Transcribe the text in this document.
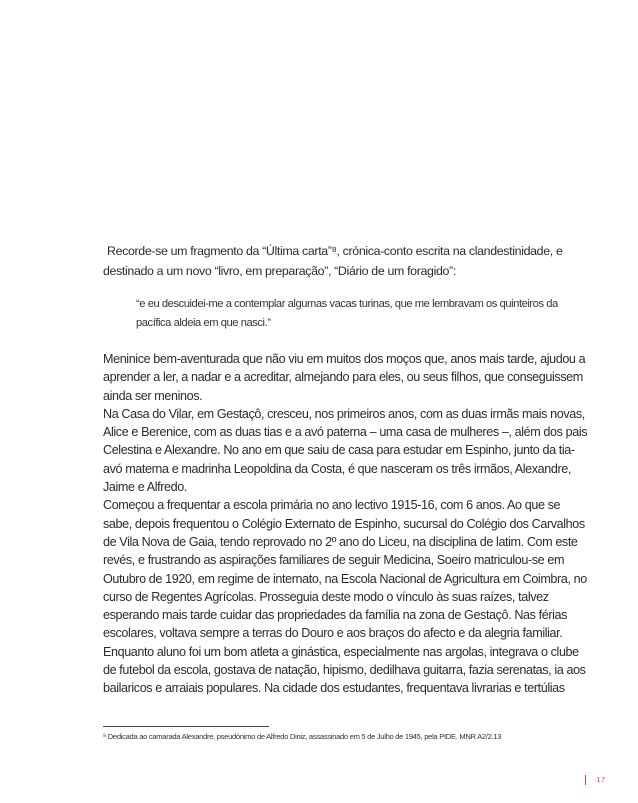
Recorde-se um fragmento da “Última carta”⁸, crónica-conto escrita na clandestinidade, e

destinado a um novo “livro, em preparação”, “Diário de um foragido”:

“e eu descuidei-me a contemplar algumas vacas turinas, que me lembravam os quinteiros da pacífica aldeia em que nasci.”

Meninice bem-aventurada que não viu em muitos dos moços que, anos mais tarde, ajudou a aprender a ler, a nadar e a acreditar, almejando para eles, ou seus filhos, que conseguissem ainda ser meninos.

Na Casa do Vilar, em Gestaçô, cresceu, nos primeiros anos, com as duas irmãs mais novas, Alice e Berenice, com as duas tias e a avó paterna – uma casa de mulheres –, além dos pais Celestina e Alexandre. No ano em que saiu de casa para estudar em Espinho, junto da tia-avó materna e madrinha Leopoldina da Costa, é que nasceram os três irmãos, Alexandre, Jaime e Alfredo.

Começou a frequentar a escola primária no ano lectivo 1915-16, com 6 anos. Ao que se sabe, depois frequentou o Colégio Externato de Espinho, sucursal do Colégio dos Carvalhos de Vila Nova de Gaia, tendo reprovado no 2º ano do Liceu, na disciplina de latim. Com este revés, e frustrando as aspirações familiares de seguir Medicina, Soeiro matriculou-se em Outubro de 1920, em regime de internato, na Escola Nacional de Agricultura em Coimbra, no curso de Regentes Agrícolas. Prosseguia deste modo o vínculo às suas raízes, talvez esperando mais tarde cuidar das propriedades da família na zona de Gestaçô. Nas férias escolares, voltava sempre a terras do Douro e aos braços do afecto e da alegria familiar.

Enquanto aluno foi um bom atleta a ginástica, especialmente nas argolas, integrava o clube de futebol da escola, gostava de natação, hipismo, dedilhava guitarra, fazia serenatas, ia aos bailaricos e arraiais populares. Na cidade dos estudantes, frequentava livrarias e tertúlias

⁸ Dedicada ao camarada Alexandre, pseudónimo de Alfredo Diniz, assassinado em 5 de Julho de 1945, pela PIDE. MNR A2/2.13

17
